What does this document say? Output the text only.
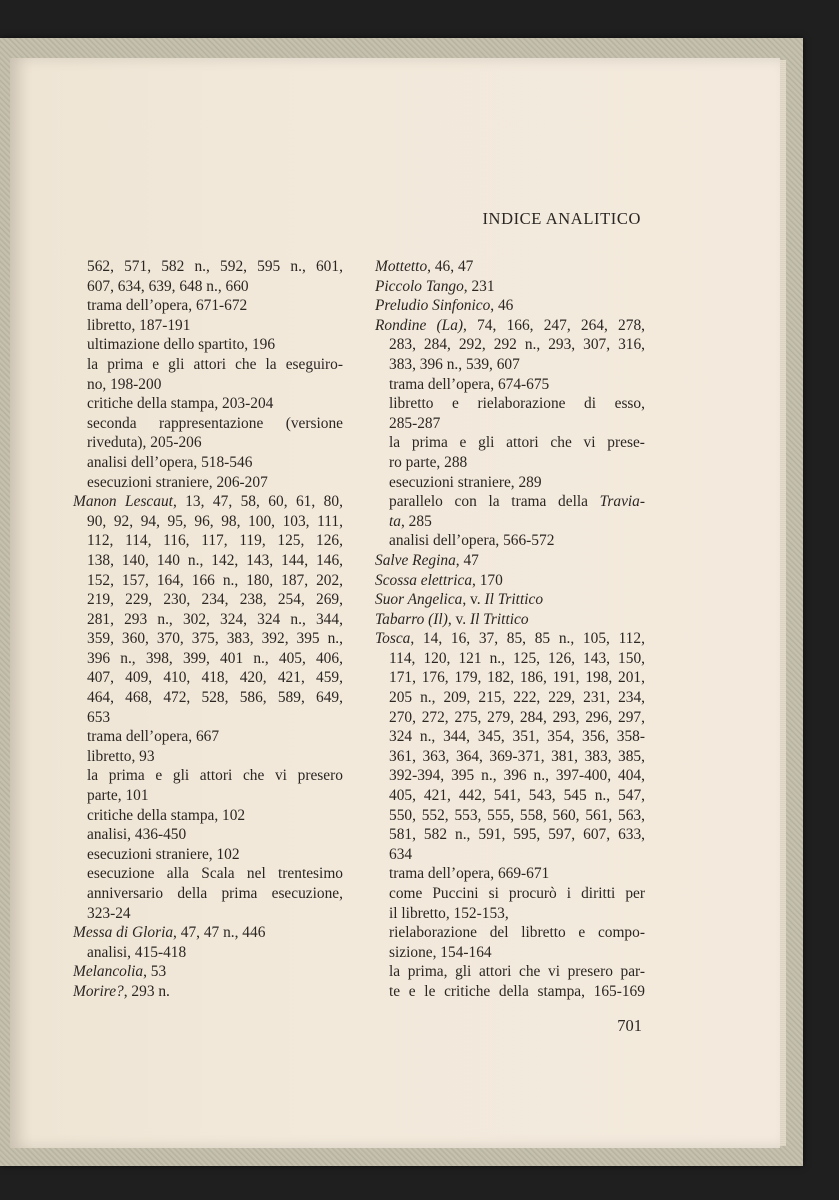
INDICE ANALITICO
562, 571, 582 n., 592, 595 n., 601,
607, 634, 639, 648 n., 660
trama dell’opera, 671-672
libretto, 187-191
ultimazione dello spartito, 196
la prima e gli attori che la eseguiro-
no, 198-200
critiche della stampa, 203-204
seconda rappresentazione (versione
riveduta), 205-206
analisi dell’opera, 518-546
esecuzioni straniere, 206-207
Manon Lescaut, 13, 47, 58, 60, 61, 80,
90, 92, 94, 95, 96, 98, 100, 103, 111,
112, 114, 116, 117, 119, 125, 126,
138, 140, 140 n., 142, 143, 144, 146,
152, 157, 164, 166 n., 180, 187, 202,
219, 229, 230, 234, 238, 254, 269,
281, 293 n., 302, 324, 324 n., 344,
359, 360, 370, 375, 383, 392, 395 n.,
396 n., 398, 399, 401 n., 405, 406,
407, 409, 410, 418, 420, 421, 459,
464, 468, 472, 528, 586, 589, 649,
653
trama dell’opera, 667
libretto, 93
la prima e gli attori che vi presero
parte, 101
critiche della stampa, 102
analisi, 436-450
esecuzioni straniere, 102
esecuzione alla Scala nel trentesimo
anniversario della prima esecuzione,
323-24
Messa di Gloria, 47, 47 n., 446
analisi, 415-418
Melancolia, 53
Morire?, 293 n.
Mottetto, 46, 47
Piccolo Tango, 231
Preludio Sinfonico, 46
Rondine (La), 74, 166, 247, 264, 278,
283, 284, 292, 292 n., 293, 307, 316,
383, 396 n., 539, 607
trama dell’opera, 674-675
libretto e rielaborazione di esso,
285-287
la prima e gli attori che vi prese-
ro parte, 288
esecuzioni straniere, 289
parallelo con la trama della Travia-
ta, 285
analisi dell’opera, 566-572
Salve Regina, 47
Scossa elettrica, 170
Suor Angelica, v. Il Trittico
Tabarro (Il), v. Il Trittico
Tosca, 14, 16, 37, 85, 85 n., 105, 112,
114, 120, 121 n., 125, 126, 143, 150,
171, 176, 179, 182, 186, 191, 198, 201,
205 n., 209, 215, 222, 229, 231, 234,
270, 272, 275, 279, 284, 293, 296, 297,
324 n., 344, 345, 351, 354, 356, 358-
361, 363, 364, 369-371, 381, 383, 385,
392-394, 395 n., 396 n., 397-400, 404,
405, 421, 442, 541, 543, 545 n., 547,
550, 552, 553, 555, 558, 560, 561, 563,
581, 582 n., 591, 595, 597, 607, 633,
634
trama dell’opera, 669-671
come Puccini si procurò i diritti per
il libretto, 152-153,
rielaborazione del libretto e compo-
sizione, 154-164
la prima, gli attori che vi presero par-
te e le critiche della stampa, 165-169
701
